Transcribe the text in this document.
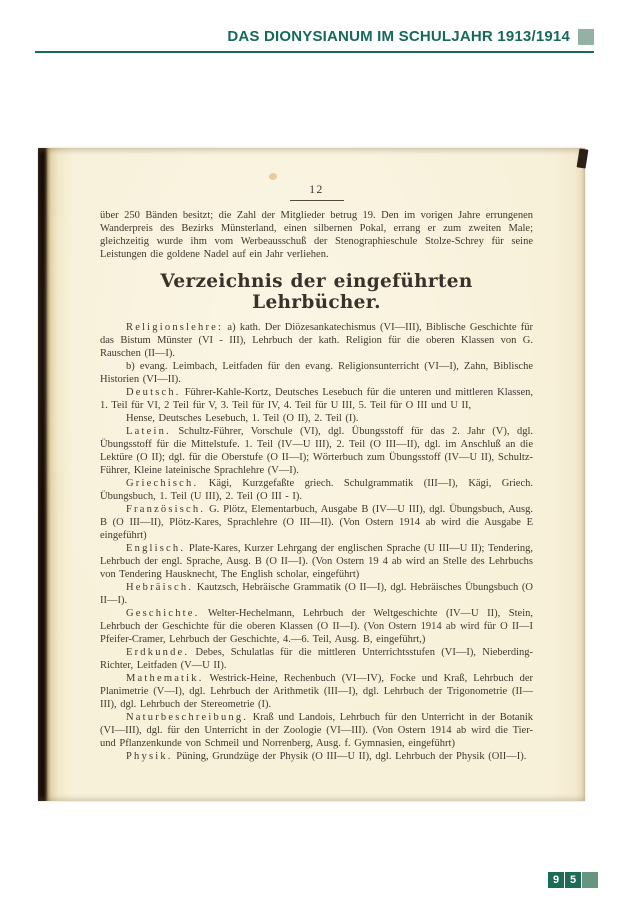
DAS DIONYSIANUM IM SCHULJAHR 1913/1914
12

über 250 Bänden besitzt; die Zahl der Mitglieder betrug 19. Den im vorigen Jahre errungenen Wanderpreis des Bezirks Münsterland, einen silbernen Pokal, errang er zum zweiten Male; gleichzeitig wurde ihm vom Werbeausschuß der Stenographieschule Stolze-Schrey für seine Leistungen die goldene Nadel auf ein Jahr verliehen.

Verzeichnis der eingeführten Lehrbücher.

Religionslehre: a) kath. Der Diözesankatechismus (VI—III), Biblische Geschichte für das Bistum Münster (VI - III), Lehrbuch der kath. Religion für die oberen Klassen von G. Rauschen (II—I).

b) evang. Leimbach, Leitfaden für den evang. Religionsunterricht (VI—I), Zahn, Biblische Historien (VI—II).

Deutsch. Führer-Kahle-Kortz, Deutsches Lesebuch für die unteren und mittleren Klassen, 1. Teil für VI, 2 Teil für V, 3. Teil für IV, 4. Teil für U III, 5. Teil für O III und U II,

Hense, Deutsches Lesebuch, 1. Teil (O II), 2. Teil (I).

Latein. Schultz-Führer, Vorschule (VI), dgl. Übungsstoff für das 2. Jahr (V), dgl. Übungsstoff für die Mittelstufe. 1. Teil (IV—U III), 2. Teil (O III—II), dgl. im Anschluß an die Lektüre (O II); dgl. für die Oberstufe (O II—I); Wörterbuch zum Übungsstoff (IV—U II), Schultz-Führer, Kleine lateinische Sprachlehre (V—I).

Griechisch. Kägi, Kurzgefaßte griech. Schulgrammatik (III—I), Kägi, Griech. Übungsbuch, 1. Teil (U III), 2. Teil (O III - I).

Französisch. G. Plötz, Elementarbuch, Ausgabe B (IV—U III), dgl. Übungsbuch, Ausg. B (O III—II), Plötz-Kares, Sprachlehre (O III—II). (Von Ostern 1914 ab wird die Ausgabe E eingeführt)

Englisch. Plate-Kares, Kurzer Lehrgang der englischen Sprache (U III—U II); Tendering, Lehrbuch der engl. Sprache, Ausg. B (O II—I). (Von Ostern 19 4 ab wird an Stelle des Lehrbuchs von Tendering Hausknecht, The English scholar, eingeführt)

Hebräisch. Kautzsch, Hebräische Grammatik (O II—I), dgl. Hebräisches Übungsbuch (O II—I).

Geschichte. Welter-Hechelmann, Lehrbuch der Weltgeschichte (IV—U II), Stein, Lehrbuch der Geschichte für die oberen Klassen (O II—I). (Von Ostern 1914 ab wird für O II—I Pfeifer-Cramer, Lehrbuch der Geschichte, 4.—6. Teil, Ausg. B, eingeführt,)

Erdkunde. Debes, Schulatlas für die mittleren Unterrichtsstufen (VI—I), Nieberding-Richter, Leitfaden (V—U II).

Mathematik. Westrick-Heine, Rechenbuch (VI—IV), Focke und Kraß, Lehrbuch der Planimetrie (V—I), dgl. Lehrbuch der Arithmetik (III—I), dgl. Lehrbuch der Trigonometrie (II—III), dgl. Lehrbuch der Stereometrie (I).

Naturbeschreibung. Kraß und Landois, Lehrbuch für den Unterricht in der Botanik (VI—III), dgl. für den Unterricht in der Zoologie (VI—III). (Von Ostern 1914 ab wird die Tier- und Pflanzenkunde von Schmeil und Norrenberg, Ausg. f. Gymnasien, eingeführt)

Physik. Püning, Grundzüge der Physik (O III—U II), dgl. Lehrbuch der Physik (OII—I).

9 5
